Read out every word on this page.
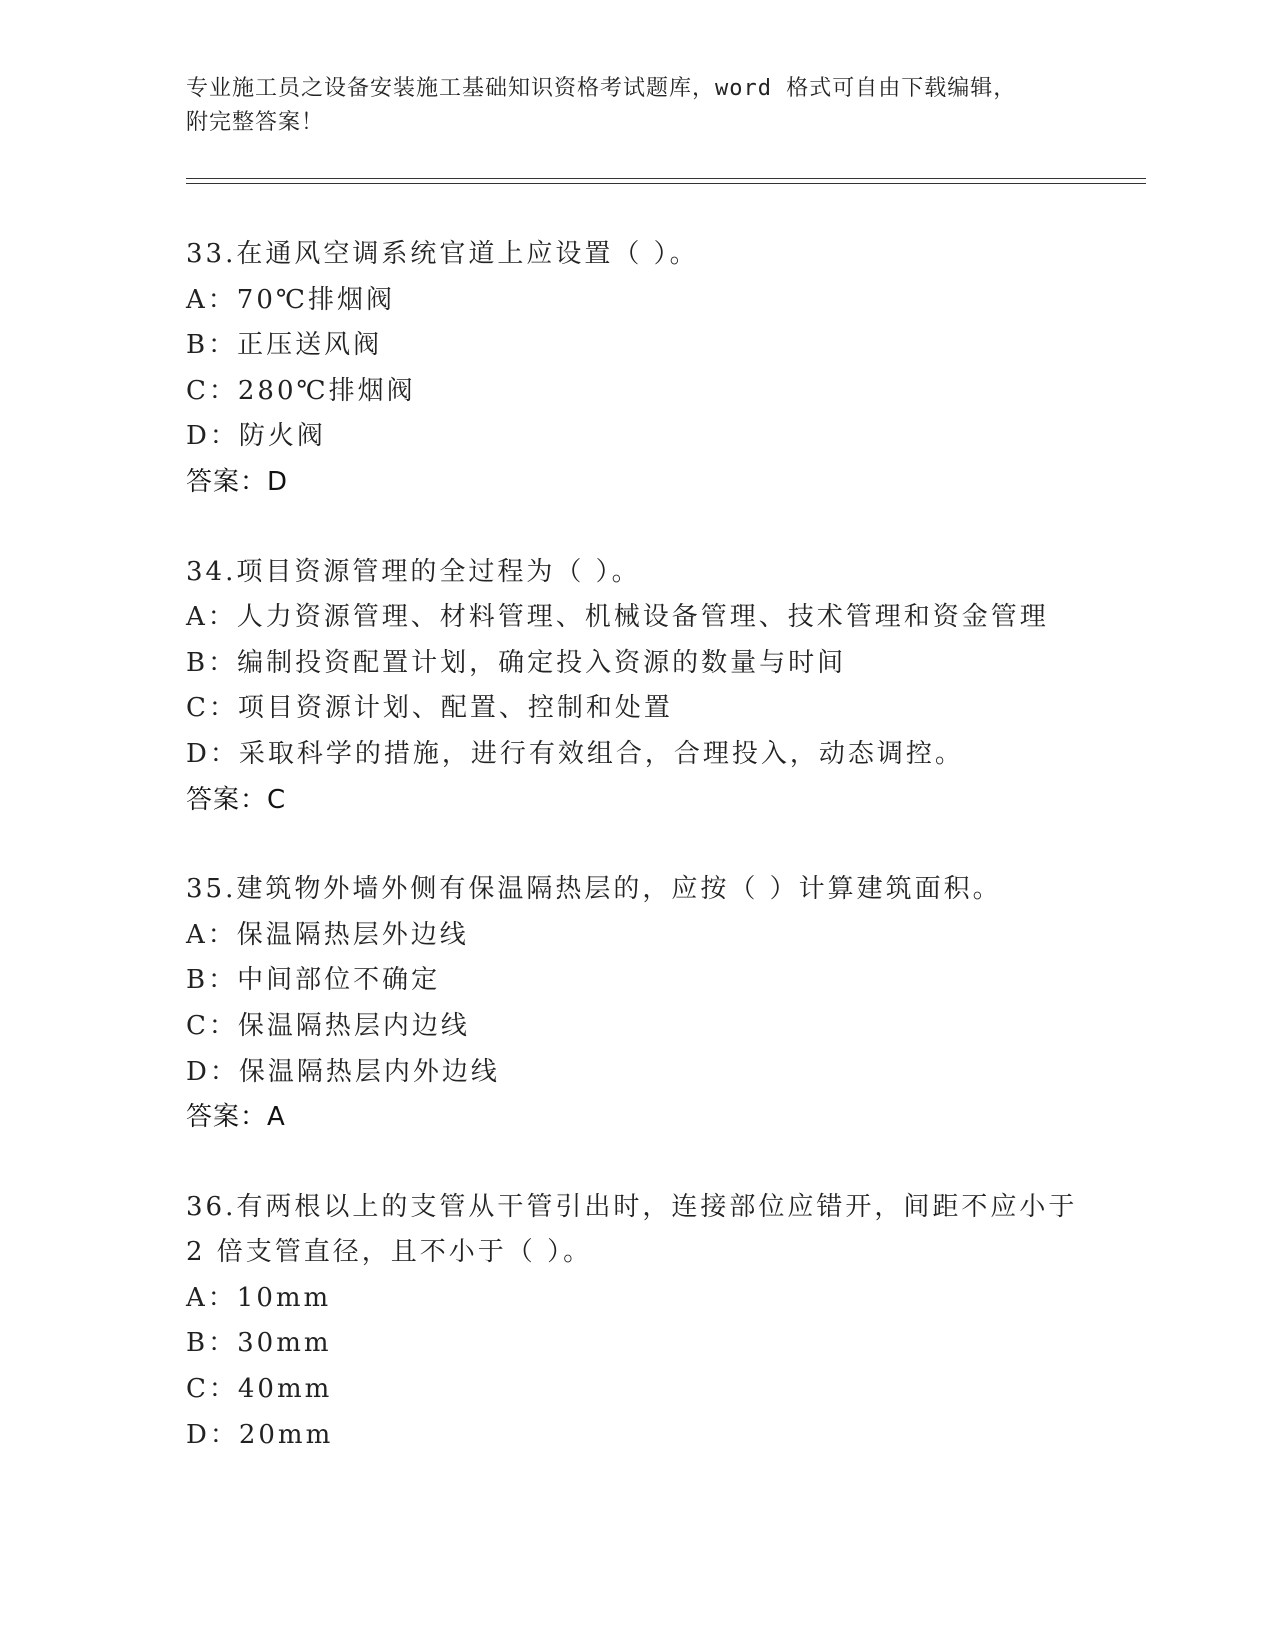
专业施工员之设备安装施工基础知识资格考试题库，word 格式可自由下载编辑，
附完整答案！
33.在通风空调系统官道上应设置（ ）。
A：70℃排烟阀
B：正压送风阀
C：280℃排烟阀
D：防火阀
答案：D
34.项目资源管理的全过程为（ ）。
A：人力资源管理、材料管理、机械设备管理、技术管理和资金管理
B：编制投资配置计划，确定投入资源的数量与时间
C：项目资源计划、配置、控制和处置
D：采取科学的措施，进行有效组合，合理投入，动态调控。
答案：C
35.建筑物外墙外侧有保温隔热层的，应按（ ）计算建筑面积。
A：保温隔热层外边线
B：中间部位不确定
C：保温隔热层内边线
D：保温隔热层内外边线
答案：A
36.有两根以上的支管从干管引出时，连接部位应错开，间距不应小于
2 倍支管直径，且不小于（ ）。
A：10mm
B：30mm
C：40mm
D：20mm
